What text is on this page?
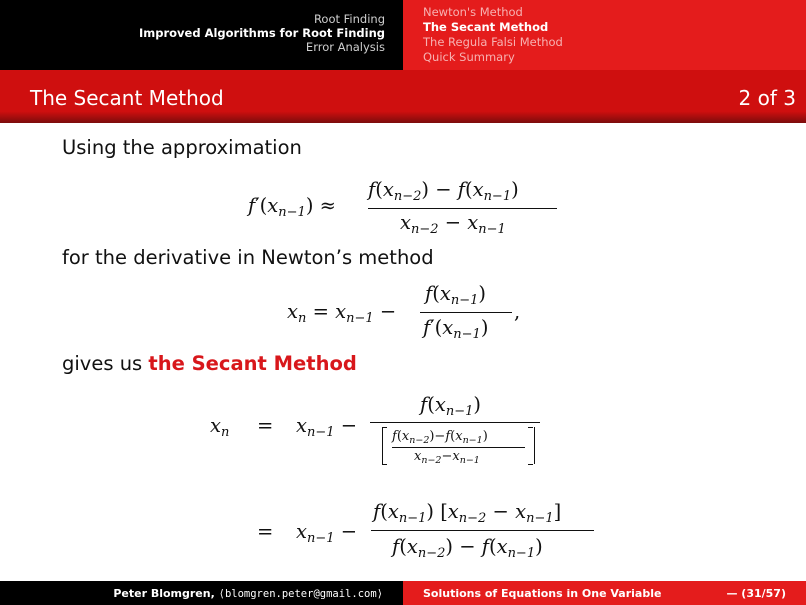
Root Finding
Improved Algorithms for Root Finding
Error Analysis
Newton's Method
The Secant Method
The Regula Falsi Method
Quick Summary
The Secant Method	2 of 3
Using the approximation
$f'(x_{n-1})$ ≈
$f(x_{n-2}) - f(x_{n-1})$
$x_{n-2} - x_{n-1}$
for the derivative in Newton’s method
$x_n = x_{n-1}$ −
$f(x_{n-1})$
$f'(x_{n-1})$
,
gives us the Secant Method
$x_n = x_{n-1}$ −
$f(x_{n-1})$
$f(x_{n-2})-f(x_{n-1})$
$x_{n-2}-x_{n-1}$
= $x_{n-1}$ −
$f(x_{n-1}) [x_{n-2} - x_{n-1}]$
$f(x_{n-2}) - f(x_{n-1})$
Peter Blomgren, ⟨blomgren.peter@gmail.com⟩	Solutions of Equations in One Variable	— (31/57)
